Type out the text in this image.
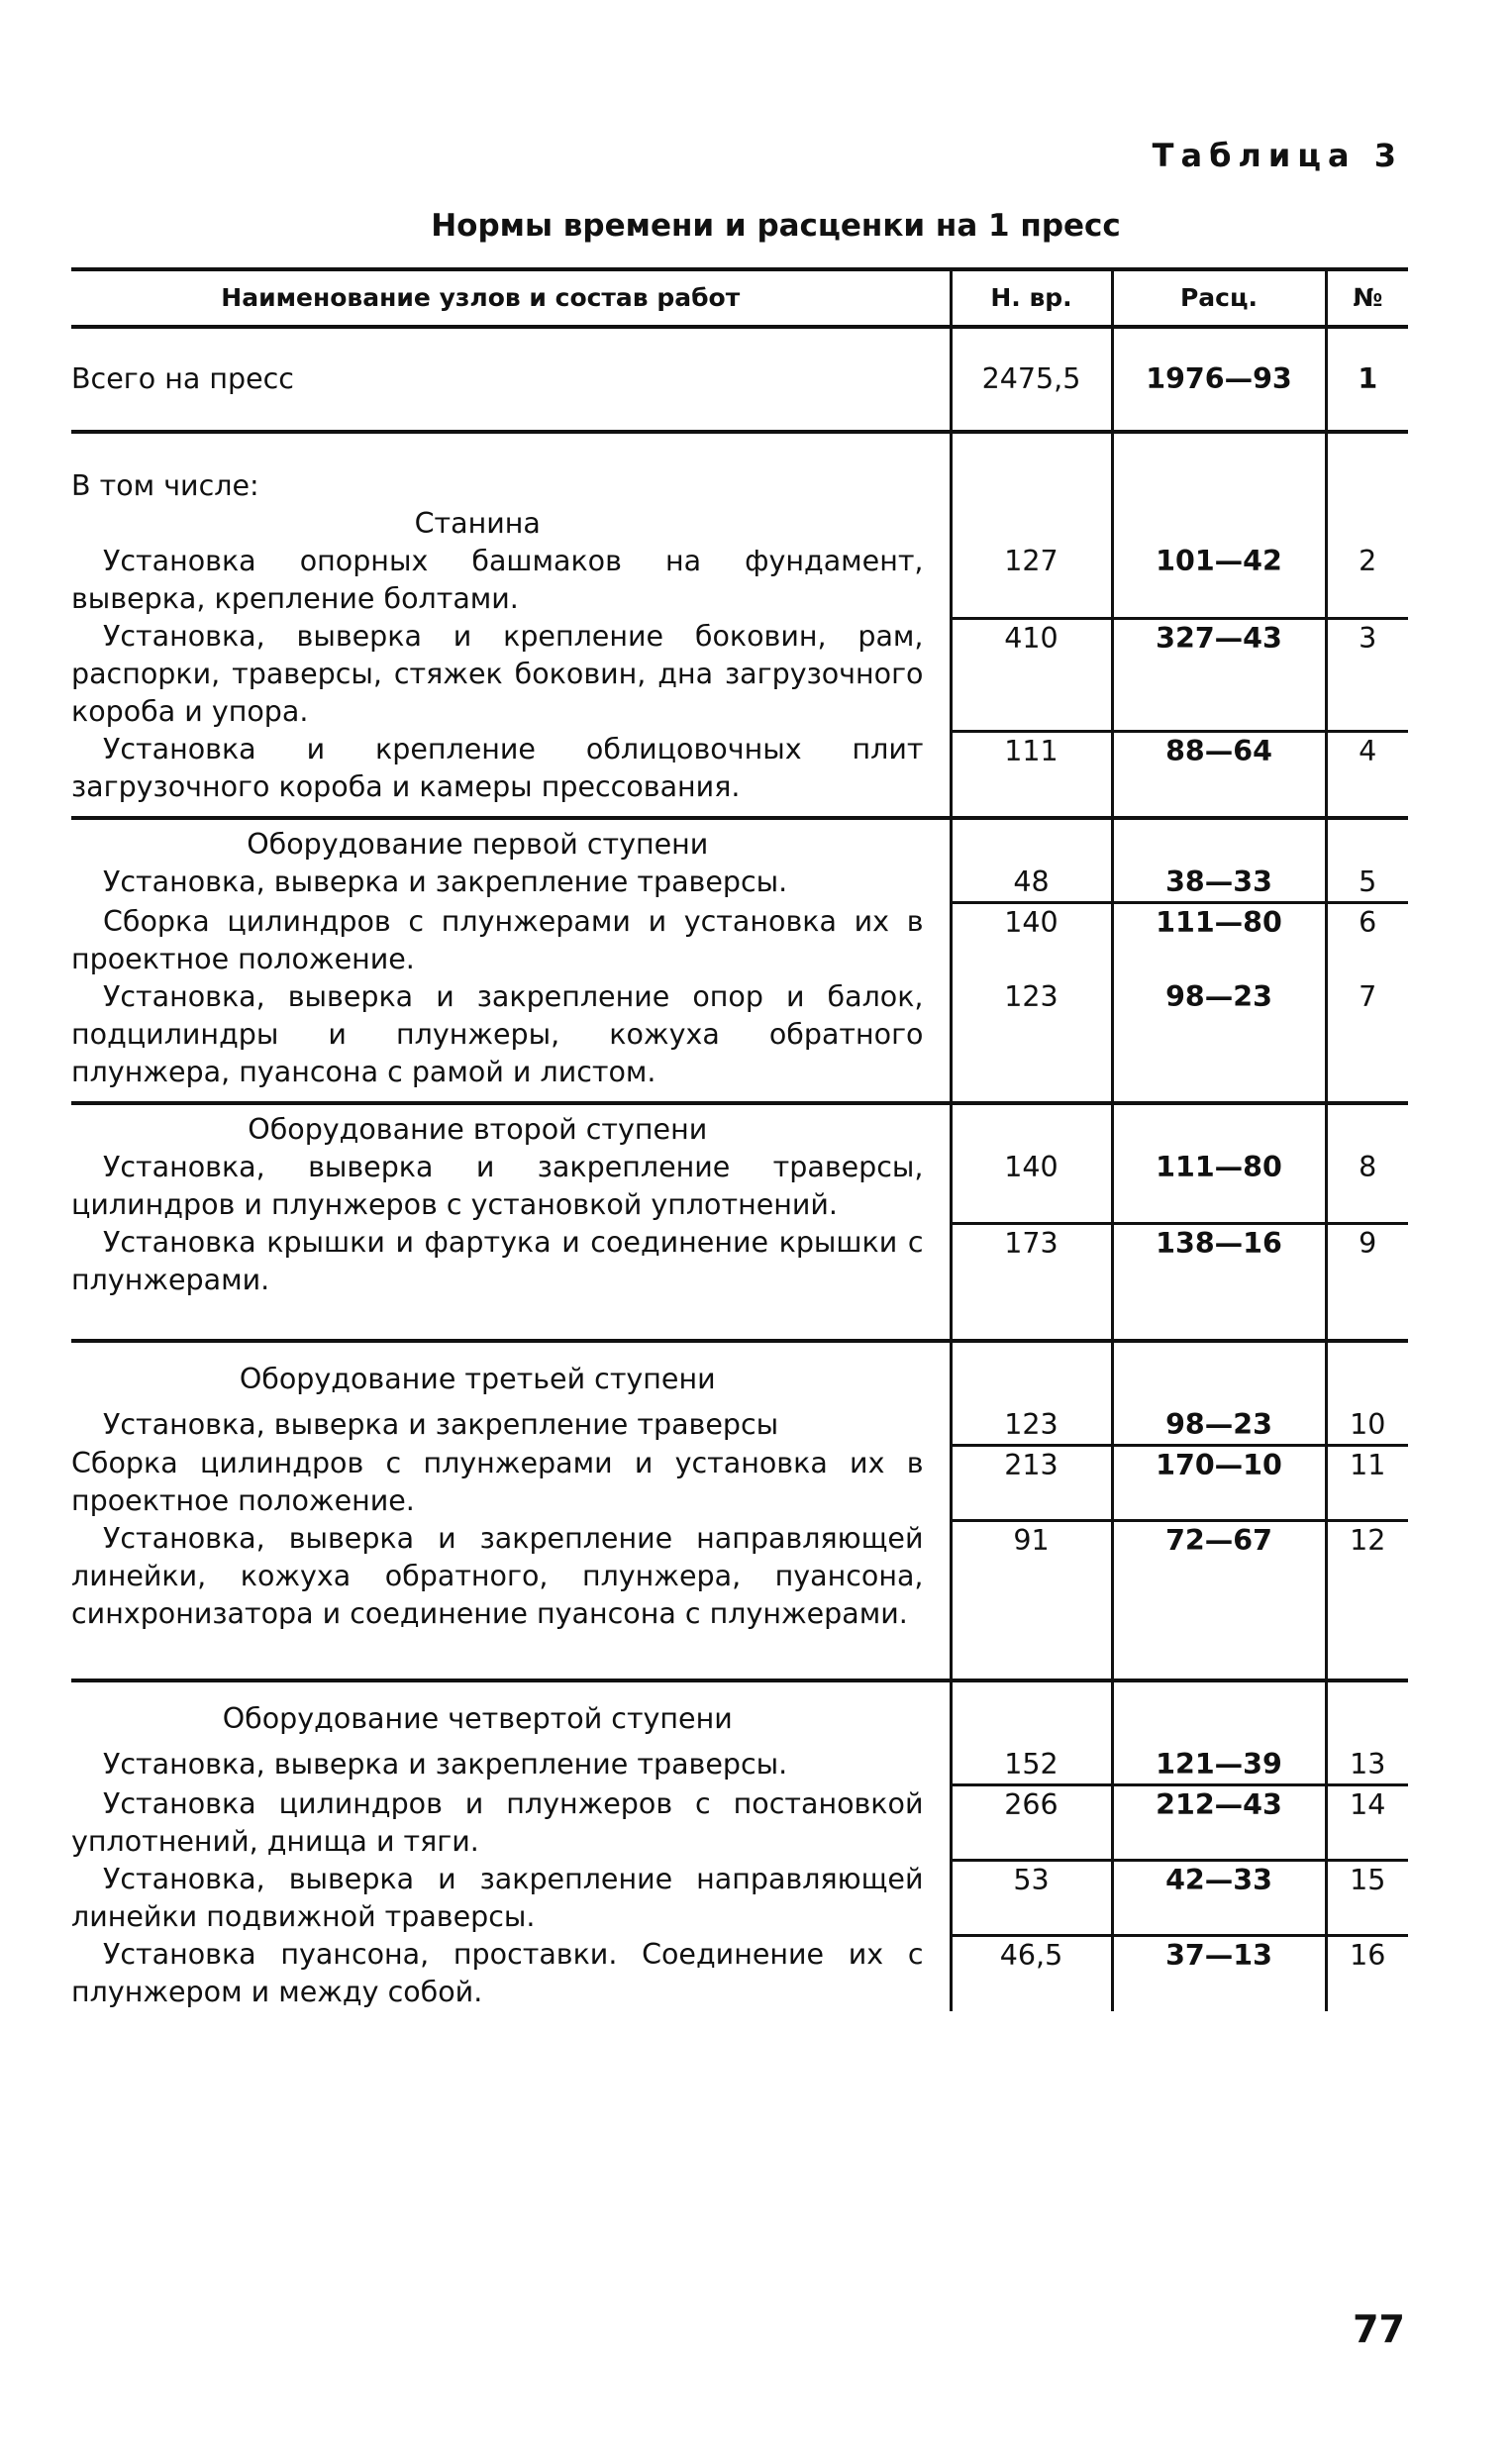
Таблица 3
Нормы времени и расценки на 1 пресс
Наименование узлов и состав работ	Н. вр.	Расц.	№
Всего на пресс	2475,5	1976—93	1

В том числе:
Станина			

Установка опорных башмаков на фундамент, выверка, крепление болтами.	127	101—42	2

Установка, выверка и крепление боковин, рам, распорки, траверсы, стяжек боковин, дна загрузочного короба и упора.	410	327—43	3

Установка и крепление облицовочных плит загрузочного короба и камеры прессования.	111	88—64	4

Оборудование первой ступени			

Установка, выверка и закрепление траверсы.	48	38—33	5

Сборка цилиндров с плунжерами и установка их в проектное положение.	140	111—80	6

Установка, выверка и закрепление опор и балок, подцилиндры и плунжеры, кожуха обратного плунжера, пуансона с рамой и листом.	123	98—23	7

Оборудование второй ступени			

Установка, выверка и закрепление траверсы, цилиндров и плунжеров с установкой уплотнений.	140	111—80	8

Установка крышки и фартука и соединение крышки с плунжерами.	173	138—16	9

Оборудование третьей ступени			

Установка, выверка и закрепление траверсы	123	98—23	10

Сборка цилиндров с плунжерами и установка их в проектное положение.	213	170—10	11

Установка, выверка и закрепление направляющей линейки, кожуха обратного, плунжера, пуансона, синхронизатора и соединение пуансона с плунжерами.	91	72—67	12

Оборудование четвертой ступени			

Установка, выверка и закрепление траверсы.	152	121—39	13

Установка цилиндров и плунжеров с постановкой уплотнений, днища и тяги.	266	212—43	14

Установка, выверка и закрепление направляющей линейки подвижной траверсы.	53	42—33	15

Установка пуансона, проставки. Соединение их с плунжером и между собой.	46,5	37—13	16
77
